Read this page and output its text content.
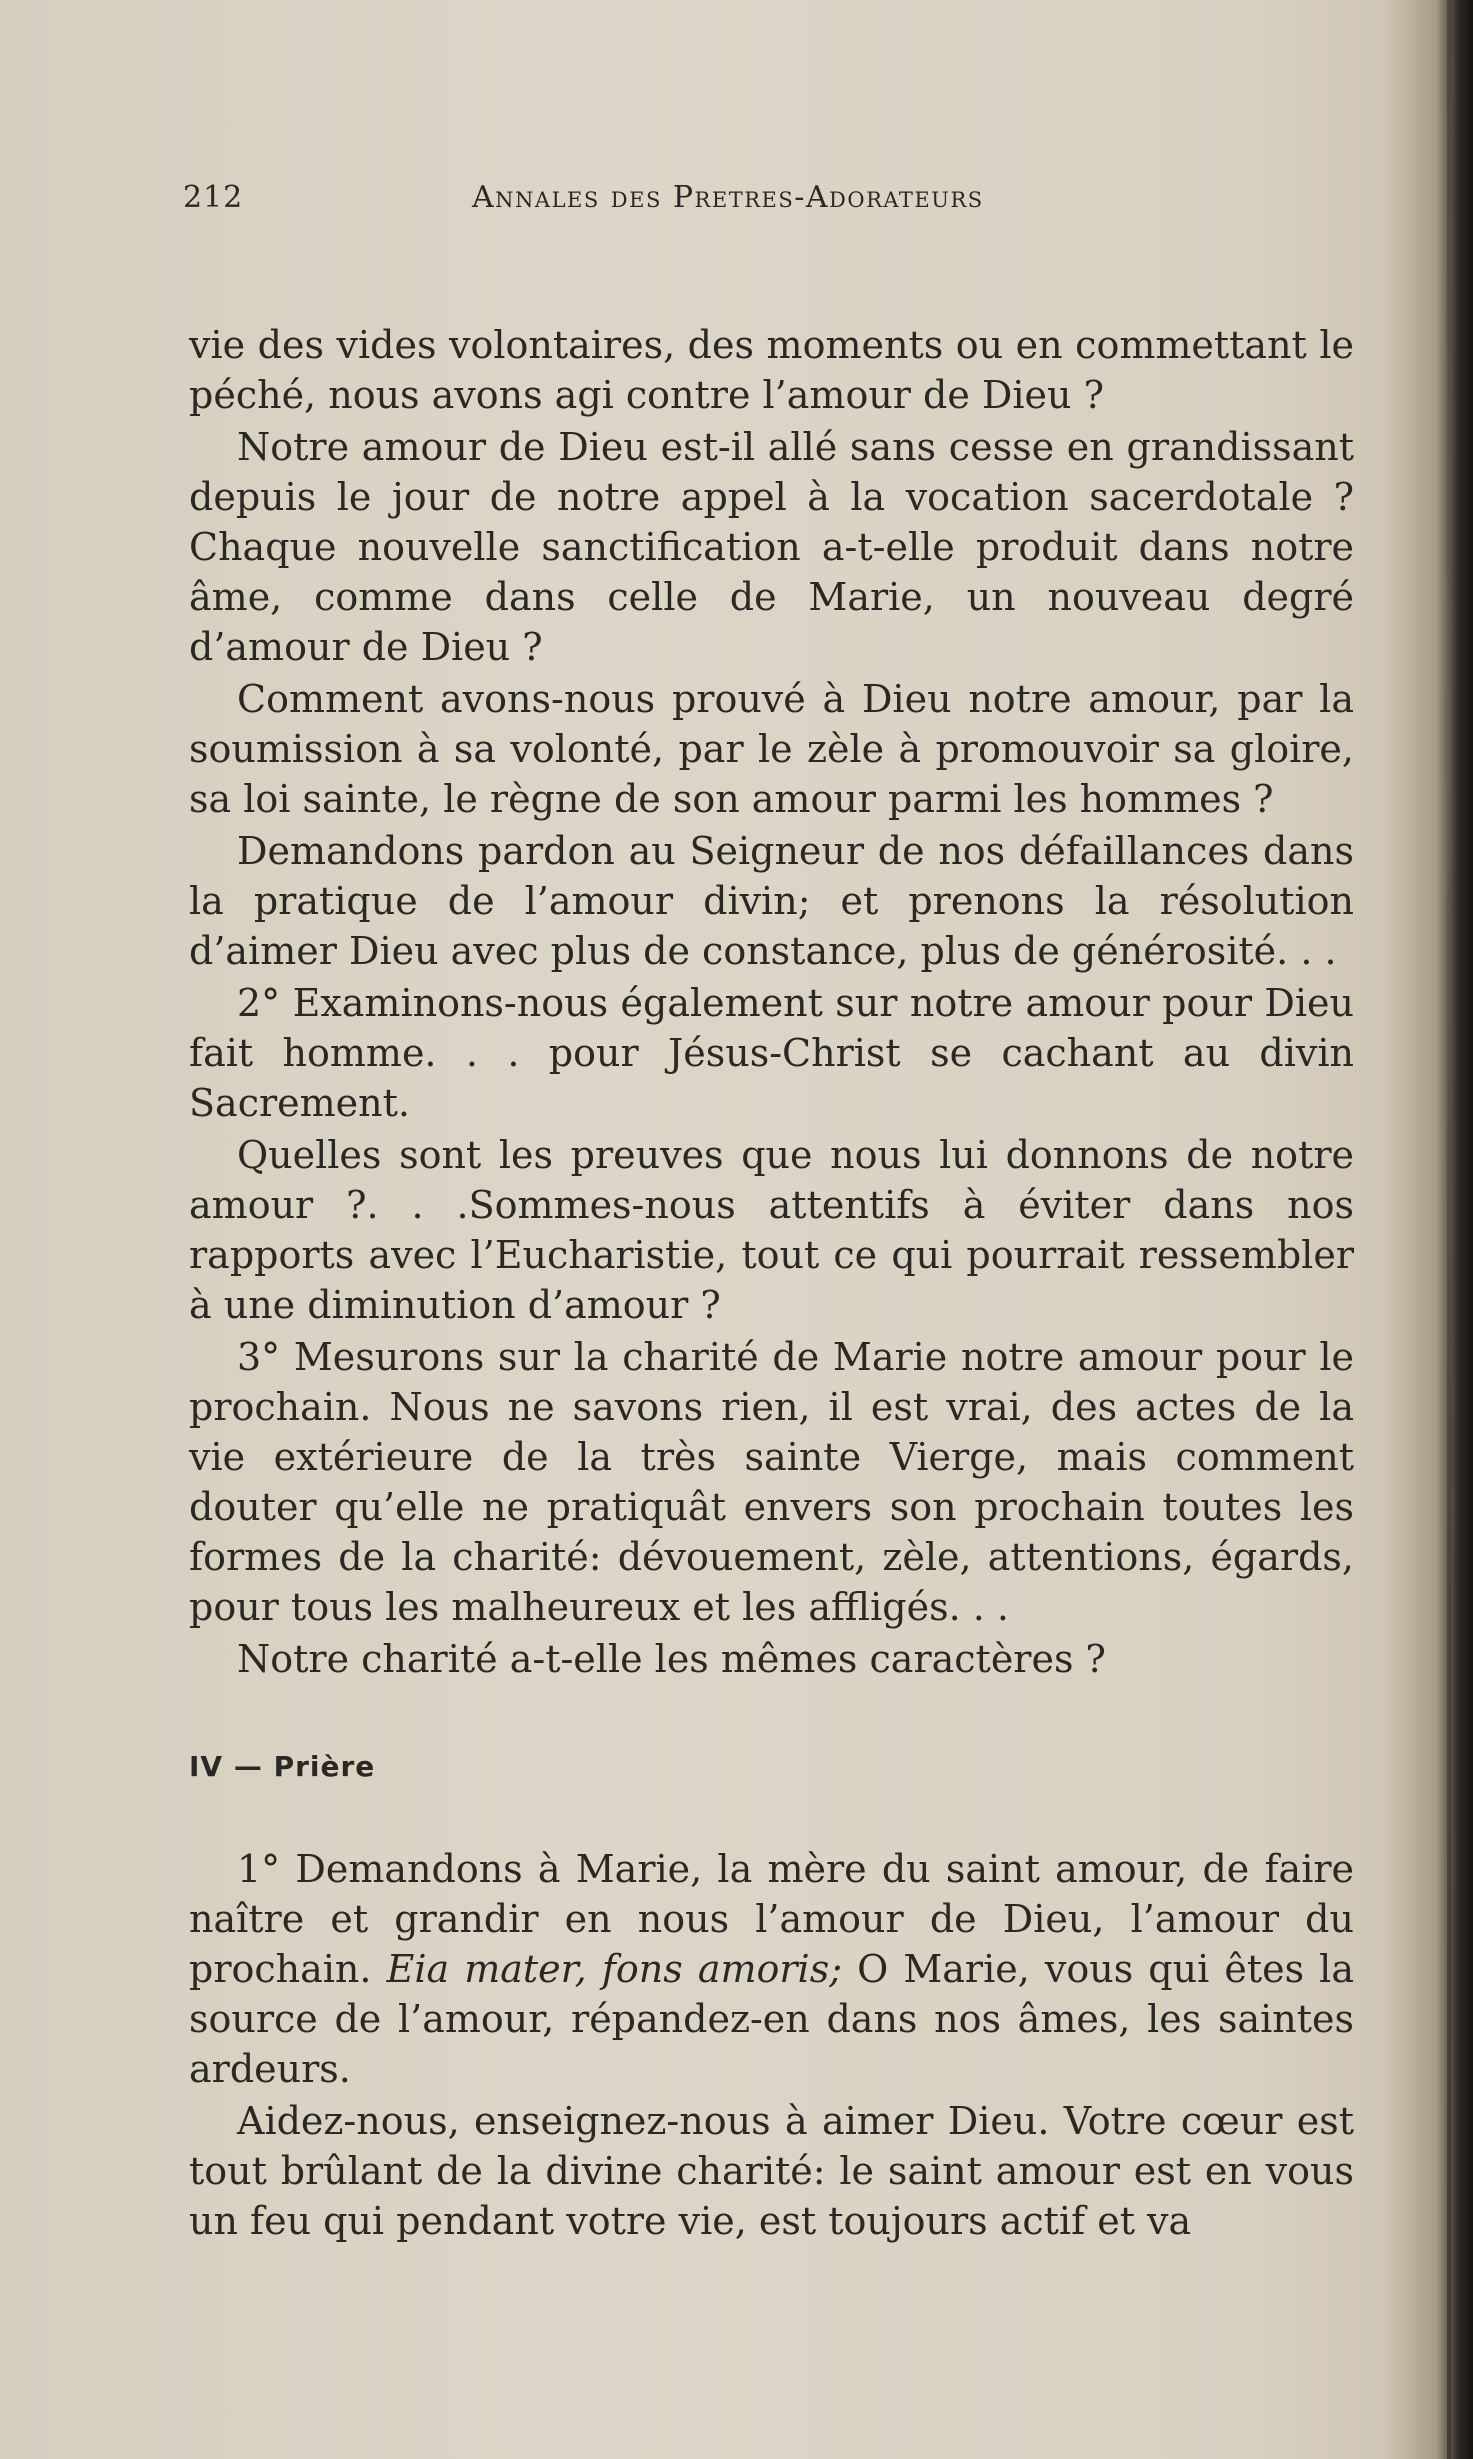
212	Annales des Pretres-Adorateurs

vie des vides volontaires, des moments ou en commettant le péché, nous avons agi contre l’amour de Dieu ?

Notre amour de Dieu est-il allé sans cesse en grandissant depuis le jour de notre appel à la vocation sacerdotale ? Chaque nouvelle sanctification a-t-elle produit dans notre âme, comme dans celle de Marie, un nouveau degré d’amour de Dieu ?

Comment avons-nous prouvé à Dieu notre amour, par la soumission à sa volonté, par le zèle à promouvoir sa gloire, sa loi sainte, le règne de son amour parmi les hommes ?

Demandons pardon au Seigneur de nos défaillances dans la pratique de l’amour divin; et prenons la résolution d’aimer Dieu avec plus de constance, plus de générosité. . .

2° Examinons-nous également sur notre amour pour Dieu fait homme. . . pour Jésus-Christ se cachant au divin Sacrement.

Quelles sont les preuves que nous lui donnons de notre amour ?. . .Sommes-nous attentifs à éviter dans nos rapports avec l’Eucharistie, tout ce qui pourrait ressembler à une diminution d’amour ?

3° Mesurons sur la charité de Marie notre amour pour le prochain. Nous ne savons rien, il est vrai, des actes de la vie extérieure de la très sainte Vierge, mais comment douter qu’elle ne pratiquât envers son prochain toutes les formes de la charité: dévouement, zèle, attentions, égards, pour tous les malheureux et les affligés. . .

Notre charité a-t-elle les mêmes caractères ?

IV — Prière

1° Demandons à Marie, la mère du saint amour, de faire naître et grandir en nous l’amour de Dieu, l’amour du prochain. Eia mater, fons amoris; O Marie, vous qui êtes la source de l’amour, répandez-en dans nos âmes, les saintes ardeurs.

Aidez-nous, enseignez-nous à aimer Dieu. Votre cœur est tout brûlant de la divine charité: le saint amour est en vous un feu qui pendant votre vie, est toujours actif et va
